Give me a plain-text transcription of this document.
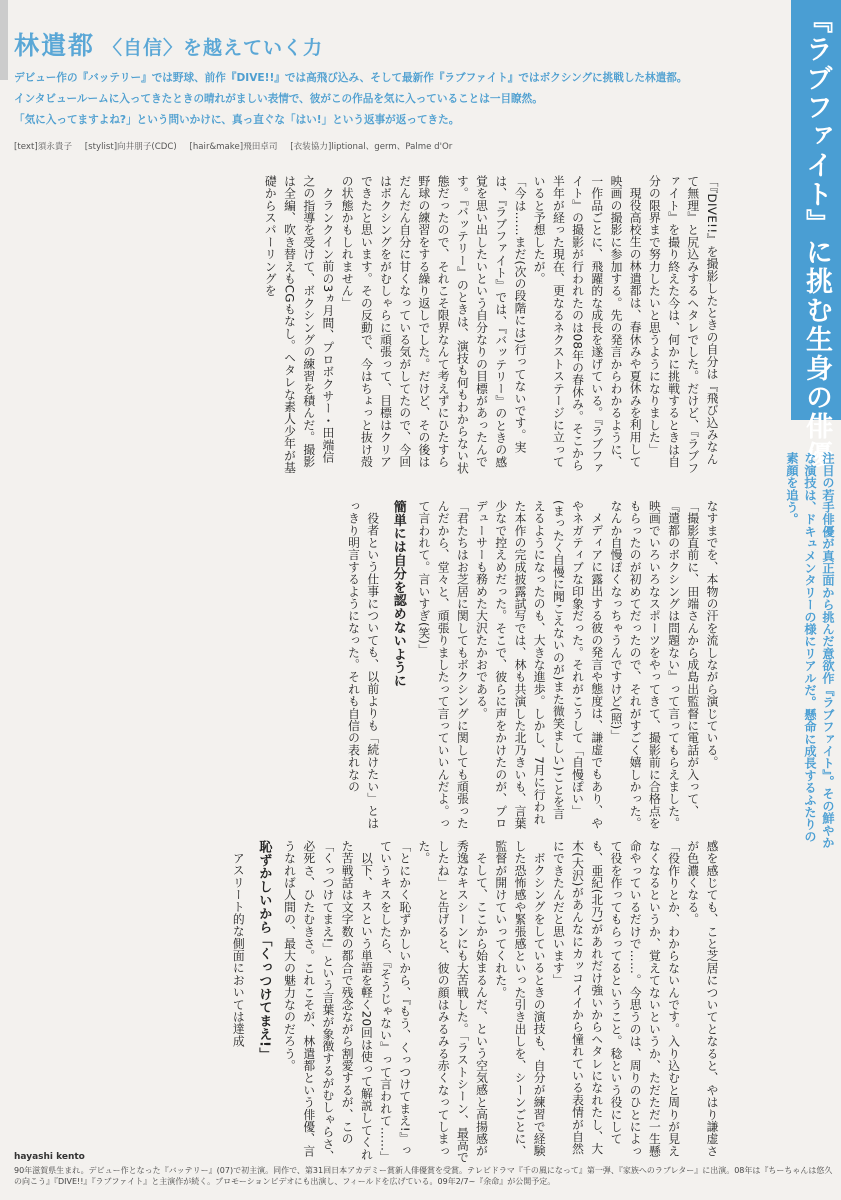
林遣都 〈自信〉を越えていく力
デビュー作の『バッテリー』では野球、前作『DIVE!!』では高飛び込み、そして最新作『ラブファイト』ではボクシングに挑戦した林遣都。
インタビュールームに入ってきたときの晴れがましい表情で、彼がこの作品を気に入っていることは一目瞭然。
「気に入ってますよね?」という問いかけに、真っ直ぐな「はい!」という返事が返ってきた。
[text]須永貴子 [stylist]向井朋子(CDC) [hair&make]飛田卓司 [衣装協力]liptional、germ、Palme d'Or	『ラブファイト』に挑む生身の俳優

注目の若手俳優が真正面から挑んだ意欲作『ラブファイト』。その鮮やかな演技は、ドキュメンタリーの様にリアルだ。懸命に成長するふたりの素顔を追う。

「『DIVE!!』を撮影したときの自分は『飛び込みなんて無理』と尻込みするヘタレでした。だけど、『ラブファイト』を撮り終えた今は、何かに挑戦するときは自分の限界まで努力したいと思うようになりました」

現役高校生の林遣都は、春休みや夏休みを利用して映画の撮影に参加する。先の発言からわかるように、一作品ごとに、飛躍的な成長を遂げている。『ラブファイト』の撮影が行われたのは08年の春休み。そこから半年が経った現在、更なるネクストステージに立っていると予想したが。

「今は……まだ(次の段階には)行ってないです。実は、『ラブファイト』では、『バッテリー』のときの感覚を思い出したいという自分なりの目標があったんです。『バッテリー』のときは、演技も何もわからない状態だったので、それこそ限界なんて考えずにひたすら野球の練習をする繰り返しでした。だけど、その後はだんだん自分に甘くなっている気がしてたので、今回はボクシングをがむしゃらに頑張って、目標はクリアできたと思います。その反動で、今はちょっと抜け殻の状態かもしれません」

クランクイン前の3ヵ月間、プロボクサー・田端信之の指導を受けて、ボクシングの練習を積んだ。撮影は全編、吹き替えもCGもなし。ヘタレな素人少年が基礎からスパーリングを

なすまでを、本物の汗を流しながら演じている。

「撮影直前に、田端さんから成島出監督に電話が入って、『遣都のボクシングは問題ない』って言ってもらえました。映画でいろいろなスポーツをやってきて、撮影前に合格点をもらったのが初めてだったので、それがすごく嬉しかった。なんか自慢ぽくなっちゃうんですけど(照)」

メディアに露出する彼の発言や態度は、謙虚でもあり、ややネガティブな印象だった。それがこうして「自慢ぽい」(まったく自慢に聞こえないのが)また微笑ましい)ことを言えるようになったのも、大きな進歩。しかし、7月に行われた本作の完成披露試写では、林も共演した北乃きいも、言葉少なで控えめだった。そこで、彼らに声をかけたのが、プロデューサーも務めた大沢たかおである。

「君たちはお芝居に関してもボクシングに関しても頑張ったんだから、堂々と、頑張りましたって言っていいんだよ。って言われて。言いすぎ(笑)」

簡単には自分を認めないように

役者という仕事についても、以前よりも「続けたい」とはっきり明言するようになった。それも自信の表れなの

感を感じても、こと芝居についてとなると、やはり謙虚さが色濃くなる。

「役作りとか、わからないんです。入り込むと周りが見えなくなるというか、覚えてないというか、ただただ一生懸命やっているだけで……。今思うのは、周りのひとによって役を作ってもらってるということ。稔という役にしても、亜紀(北乃)があれだけ強いからヘタレになれたし、大木(大沢)があんなにカッコイイから憧れている表情が自然にできたんだと思います」

ボクシングをしているときの演技も、自分が練習で経験した恐怖感や緊張感といった引き出しを、シーンごとに、監督が開けていってくれた。

そして、ここから始まるんだ、という空気感と高揚感が秀逸なキスシーンにも大苦戦した。「ラストシーン、最高でしたね」と告げると、彼の顔はみるみる赤くなってしまった。

「とにかく恥ずかしいから、『もう、くっつけてまえ!』っていうキスをしたら、『そうじゃない』って言われて……」

以下、キスという単語を軽く20回は使って解説してくれた苦戦話は文字数の都合で残念ながら割愛するが、この「くっつけてまえ!」という言葉が象徴するがむしゃらさ、必死さ、ひたむきさ。これこそが、林遣都という俳優、言うなれば人間の、最大の魅力なのだろう。

恥ずかしいから「くっつけてまえ!」

アスリート的な側面においては達成

hayashi kento
90年滋賀県生まれ。デビュー作となった『バッテリー』(07)で初主演。同作で、第31回日本アカデミー賞新人俳優賞を受賞。テレビドラマ『千の風になって』第一弾、『家族へのラブレター』に出演。08年は『ちーちゃんは悠久の向こう』『DIVE!!』『ラブファイト』と主演作が続く。プロモーションビデオにも出演し、フィールドを広げている。09年2/7~『余命』が公開予定。
